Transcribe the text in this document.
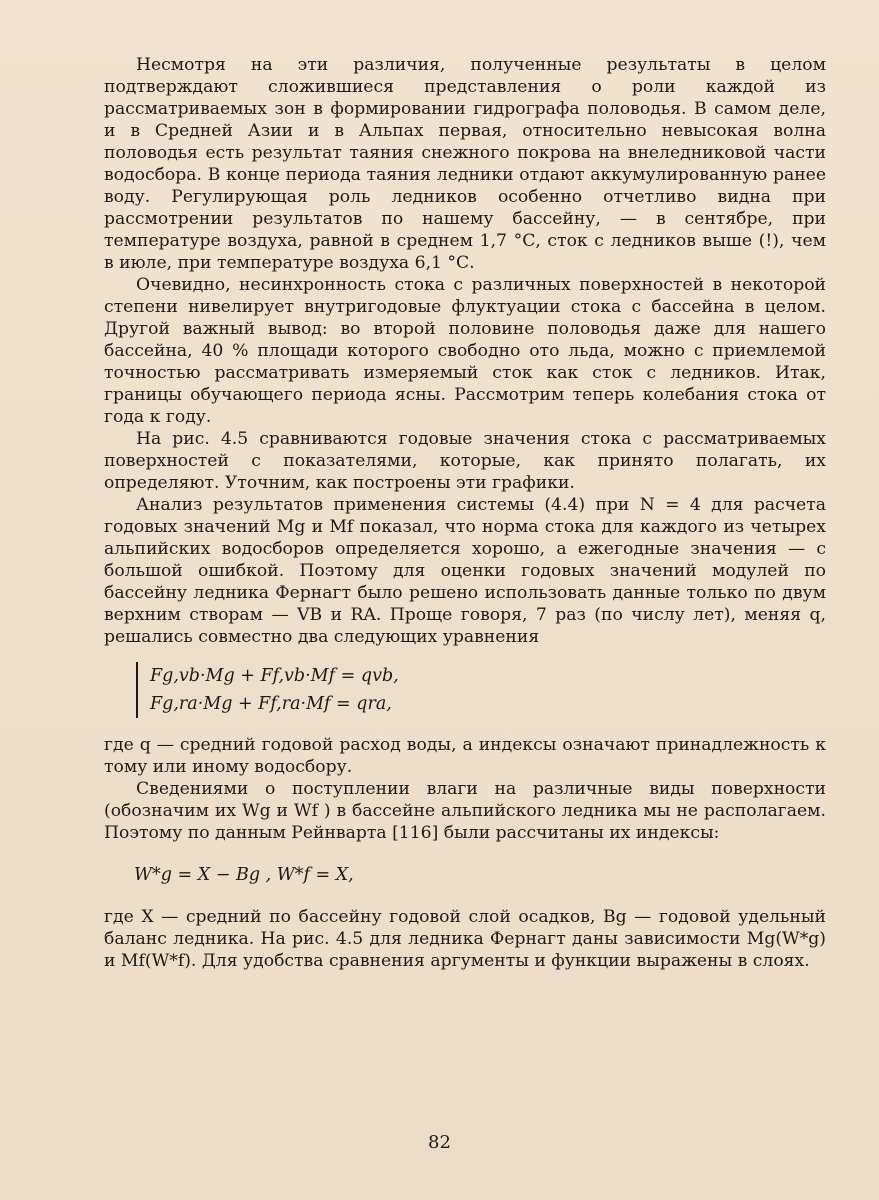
Несмотря на эти различия, полученные результаты в целом подтверждают сложившиеся представления о роли каждой из рассматриваемых зон в формировании гидрографа половодья. В самом деле, и в Средней Азии и в Альпах первая, относительно невысокая волна половодья есть результат таяния снежного покрова на внеледниковой части водосбора. В конце периода таяния ледники отдают аккумулированную ранее воду. Регулирующая роль ледников особенно отчетливо видна при рассмотрении результатов по нашему бассейну, — в сентябре, при температуре воздуха, равной в среднем 1,7 °С, сток с ледников выше (!), чем в июле, при температуре воздуха 6,1 °С.

Очевидно, несинхронность стока с различных поверхностей в некоторой степени нивелирует внутригодовые флуктуации стока с бассейна в целом. Другой важный вывод: во второй половине половодья даже для нашего бассейна, 40 % площади которого свободно ото льда, можно с приемлемой точностью рассматривать измеряемый сток как сток с ледников. Итак, границы обучающего периода ясны. Рассмотрим теперь колебания стока от года к году.

На рис. 4.5 сравниваются годовые значения стока с рассматриваемых поверхностей с показателями, которые, как принято полагать, их определяют. Уточним, как построены эти графики.

Анализ результатов применения системы (4.4) при N = 4 для расчета годовых значений Mg и Mf показал, что норма стока для каждого из четырех альпийских водосборов определяется хорошо, а ежегодные значения — с большой ошибкой. Поэтому для оценки годовых значений модулей по бассейну ледника Фернагт было решено использовать данные только по двум верхним створам — VB и RA. Проще говоря, 7 раз (по числу лет), меняя q, решались совместно два следующих уравнения

Fg,vb·Mg + Ff,vb·Mf = qvb,
Fg,ra·Mg + Ff,ra·Mf = qra,

где q — средний годовой расход воды, а индексы означают принадлежность к тому или иному водосбору.

Сведениями о поступлении влаги на различные виды поверхности (обозначим их Wg и Wf ) в бассейне альпийского ледника мы не располагаем. Поэтому по данным Рейнварта [116] были рассчитаны их индексы:

W*g = X − Bg , W*f = X,

где X — средний по бассейну годовой слой осадков, Bg — годовой удельный баланс ледника. На рис. 4.5 для ледника Фернагт даны зависимости Mg(W*g) и Mf(W*f). Для удобства сравнения аргументы и функции выражены в слоях.

82
